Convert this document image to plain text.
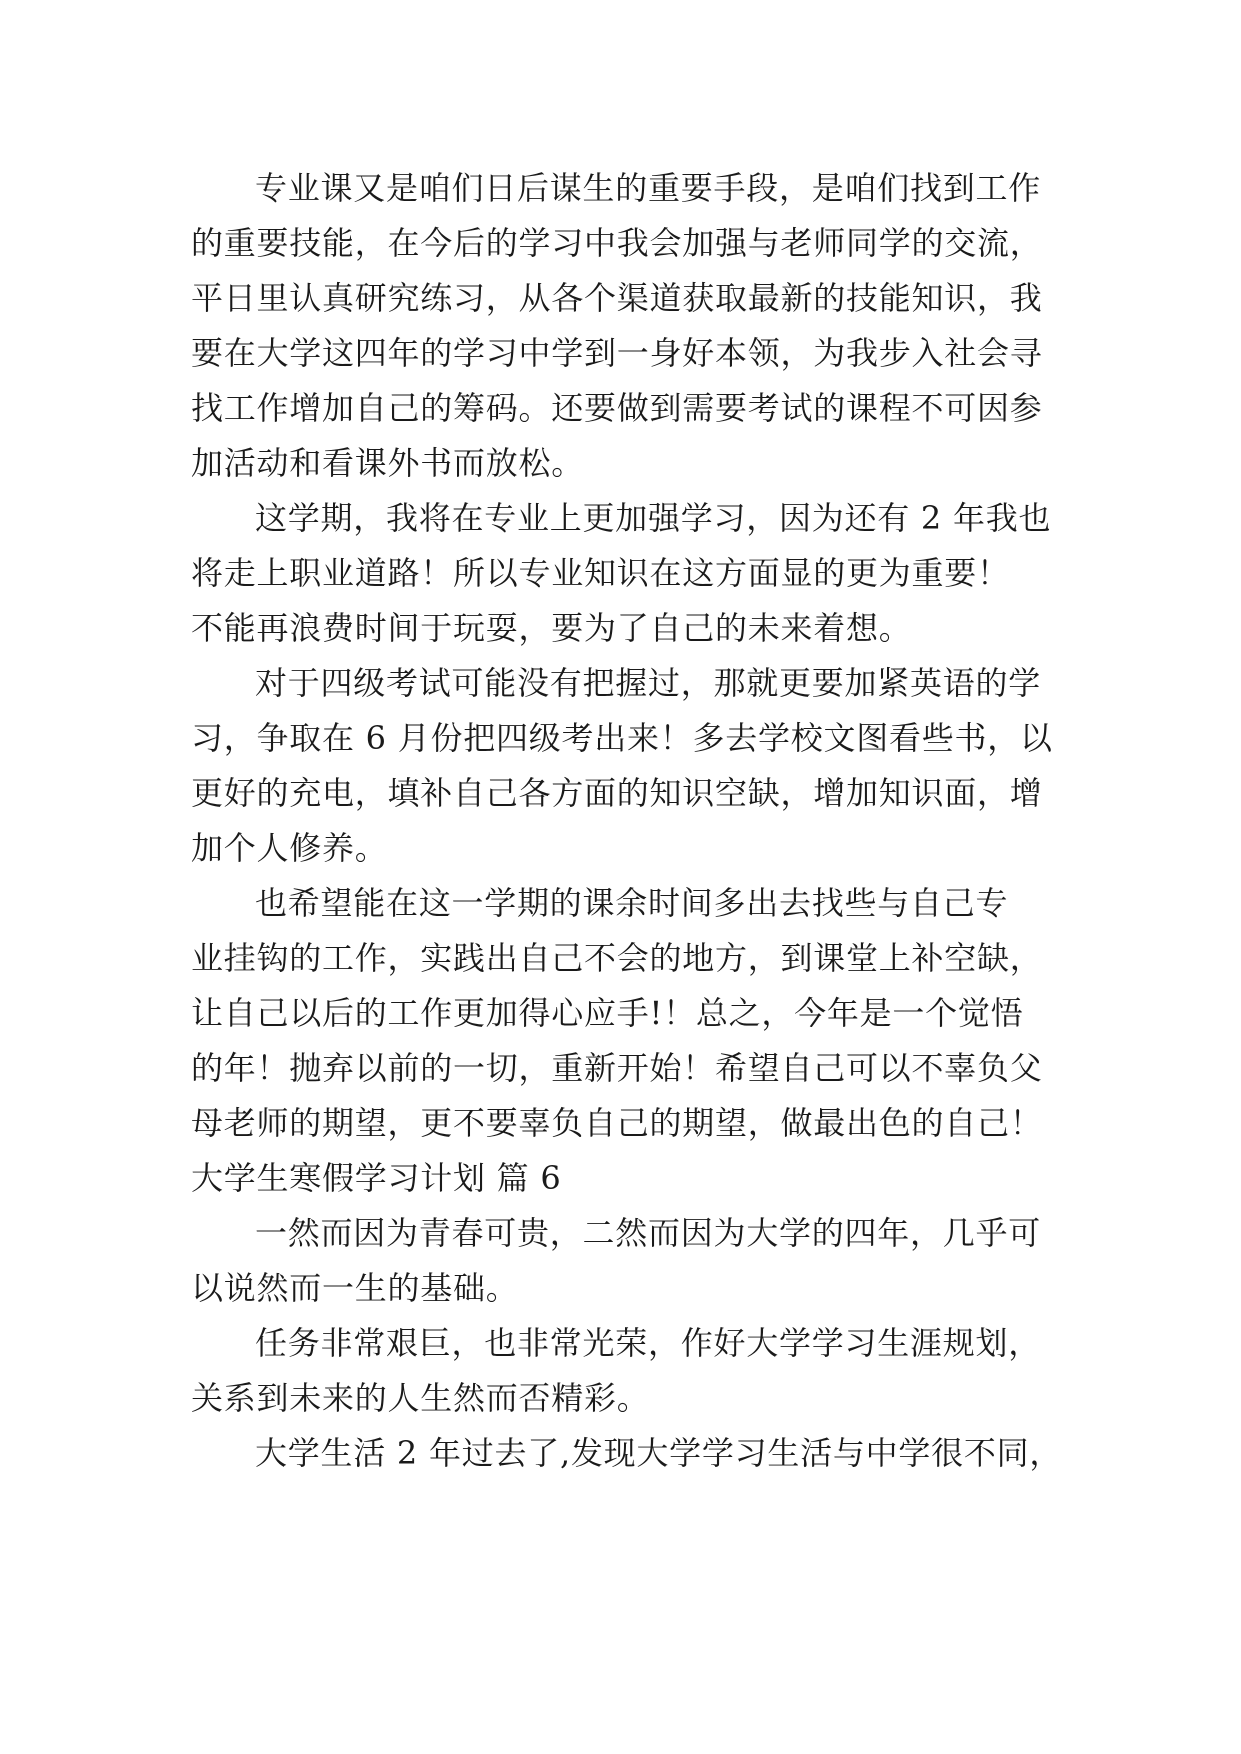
专业课又是咱们日后谋生的重要手段，是咱们找到工作
的重要技能，在今后的学习中我会加强与老师同学的交流，
平日里认真研究练习，从各个渠道获取最新的技能知识，我
要在大学这四年的学习中学到一身好本领，为我步入社会寻
找工作增加自己的筹码。还要做到需要考试的课程不可因参
加活动和看课外书而放松。
这学期，我将在专业上更加强学习，因为还有 2 年我也
将走上职业道路！所以专业知识在这方面显的更为重要！
不能再浪费时间于玩耍，要为了自己的未来着想。
对于四级考试可能没有把握过，那就更要加紧英语的学
习，争取在 6 月份把四级考出来！多去学校文图看些书，以
更好的充电，填补自己各方面的知识空缺，增加知识面，增
加个人修养。
也希望能在这一学期的课余时间多出去找些与自己专
业挂钩的工作，实践出自己不会的地方，到课堂上补空缺，
让自己以后的工作更加得心应手!！总之，今年是一个觉悟
的年！抛弃以前的一切，重新开始！希望自己可以不辜负父
母老师的期望，更不要辜负自己的期望，做最出色的自己！
大学生寒假学习计划 篇 6
一然而因为青春可贵，二然而因为大学的四年，几乎可
以说然而一生的基础。
任务非常艰巨，也非常光荣，作好大学学习生涯规划，
关系到未来的人生然而否精彩。
大学生活 2 年过去了,发现大学学习生活与中学很不同，
